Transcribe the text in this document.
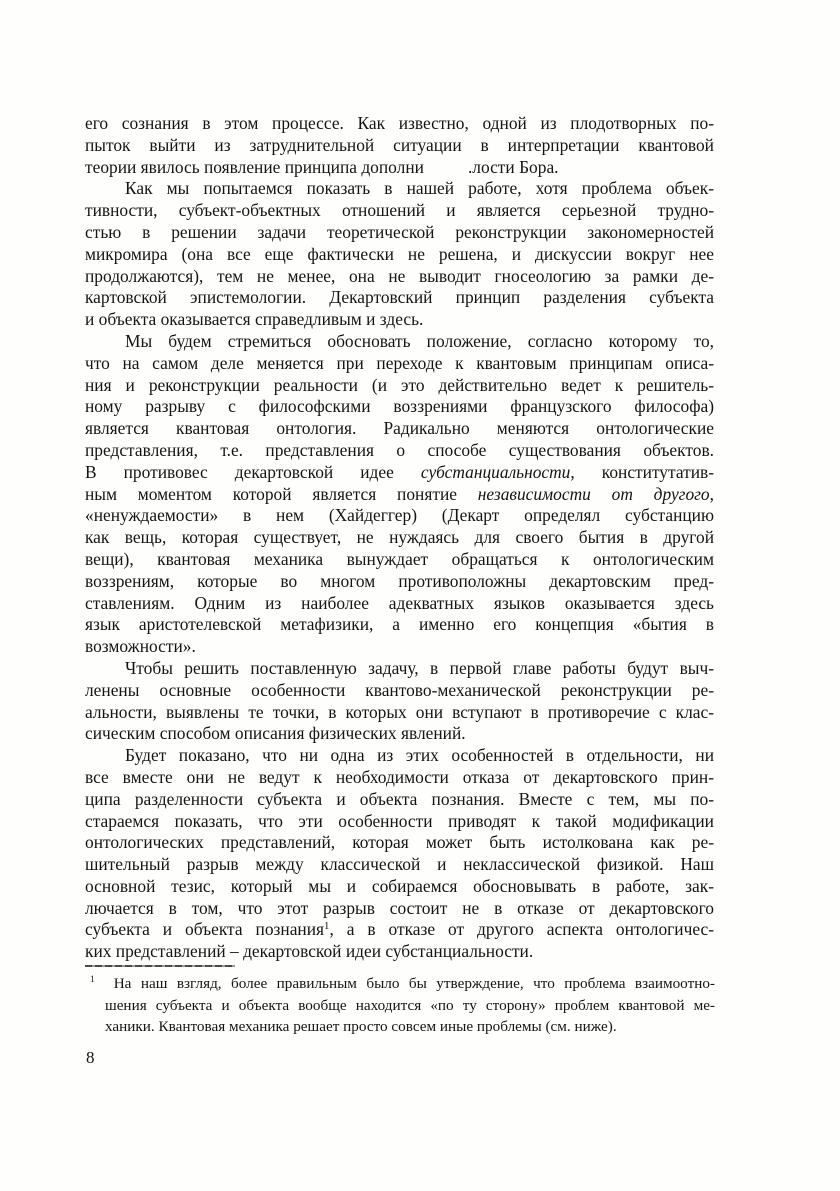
его сознания в этом процессе. Как известно, одной из плодотворных по-
пыток выйти из затруднительной ситуации в интерпретации квантовой
теории явилось появление принципа дополни	.лости Бора.
Как мы попытаемся показать в нашей работе, хотя проблема объек-
тивности, субъект-объектных отношений и является серьезной трудно-
стью в решении задачи теоретической реконструкции закономерностей
микромира (она все еще фактически не решена, и дискуссии вокруг нее
продолжаются), тем не менее, она не выводит гносеологию за рамки де-
картовской эпистемологии. Декартовский принцип разделения субъекта
и объекта оказывается справедливым и здесь.
Мы будем стремиться обосновать положение, согласно которому то,
что на самом деле меняется при переходе к квантовым принципам описа-
ния и реконструкции реальности (и это действительно ведет к решитель-
ному разрыву с философскими воззрениями французского философа)
является квантовая онтология. Радикально меняются онтологические
представления, т.е. представления о способе существования объектов.
В противовес декартовской идее субстанциальности, конститутатив-
ным моментом которой является понятие независимости от другого,
«ненуждаемости» в нем (Хайдеггер) (Декарт определял субстанцию
как вещь, которая существует, не нуждаясь для своего бытия в другой
вещи), квантовая механика вынуждает обращаться к онтологическим
воззрениям, которые во многом противоположны декартовским пред-
ставлениям. Одним из наиболее адекватных языков оказывается здесь
язык аристотелевской метафизики, а именно его концепция «бытия в
возможности».
Чтобы решить поставленную задачу, в первой главе работы будут выч-
ленены основные особенности квантово-механической реконструкции ре-
альности, выявлены те точки, в которых они вступают в противоречие с клас-
сическим способом описания физических явлений.
Будет показано, что ни одна из этих особенностей в отдельности, ни
все вместе они не ведут к необходимости отказа от декартовского прин-
ципа разделенности субъекта и объекта познания. Вместе с тем, мы по-
стараемся показать, что эти особенности приводят к такой модификации
онтологических представлений, которая может быть истолкована как ре-
шительный разрыв между классической и неклассической физикой. Наш
основной тезис, который мы и собираемся обосновывать в работе, зак-
лючается в том, что этот разрыв состоит не в отказе от декартовского
субъекта и объекта познания$^1$, а в отказе от другого аспекта онтологичес-
ких представлений – декартовской идеи субстанциальности.
$^1$ На наш взгляд, более правильным было бы утверждение, что проблема взаимоотно-
шения субъекта и объекта вообще находится «по ту сторону» проблем квантовой ме-
ханики. Квантовая механика решает просто совсем иные проблемы (см. ниже).
8
